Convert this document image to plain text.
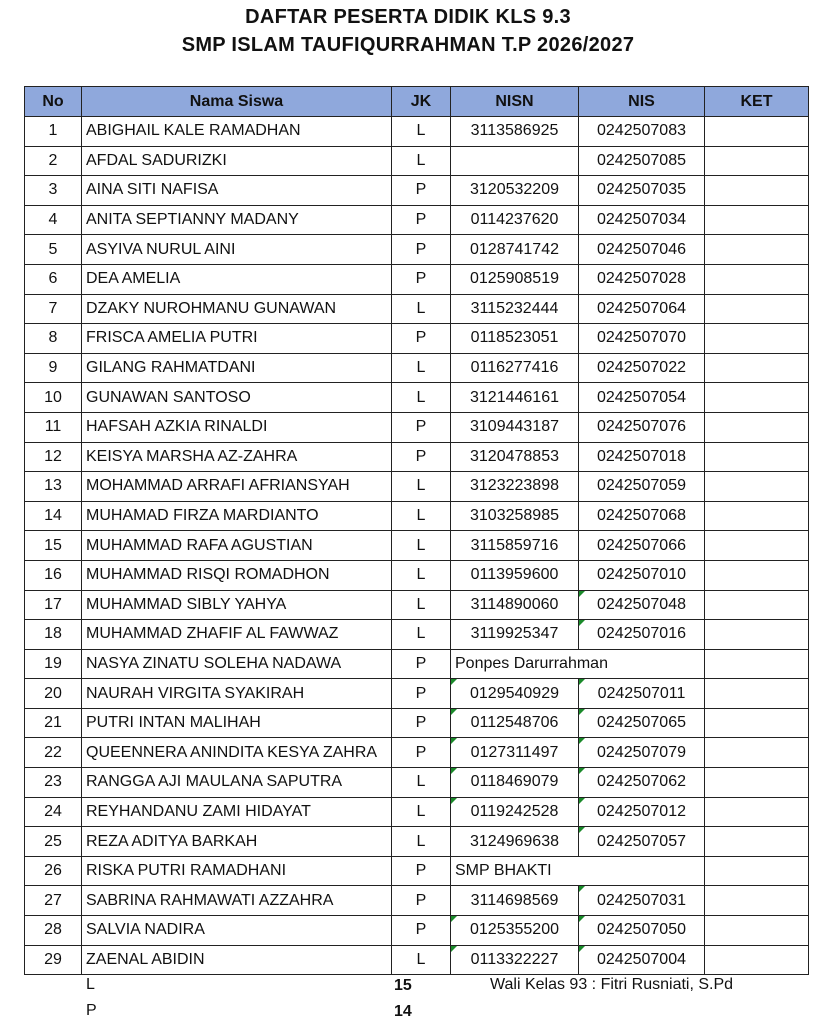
DAFTAR PESERTA DIDIK KLS 9.3
SMP ISLAM TAUFIQURRAHMAN T.P 2026/2027
No	Nama Siswa	JK	NISN	NIS	KET
1	ABIGHAIL KALE RAMADHAN	L	3113586925	0242507083	
2	AFDAL SADURIZKI	L		0242507085	
3	AINA SITI NAFISA	P	3120532209	0242507035	
4	ANITA SEPTIANNY MADANY	P	0114237620	0242507034	
5	ASYIVA NURUL AINI	P	0128741742	0242507046	
6	DEA AMELIA	P	0125908519	0242507028	
7	DZAKY NUROHMANU GUNAWAN	L	3115232444	0242507064	
8	FRISCA AMELIA PUTRI	P	0118523051	0242507070	
9	GILANG RAHMATDANI	L	0116277416	0242507022	
10	GUNAWAN SANTOSO	L	3121446161	0242507054	
11	HAFSAH AZKIA RINALDI	P	3109443187	0242507076	
12	KEISYA MARSHA AZ-ZAHRA	P	3120478853	0242507018	
13	MOHAMMAD ARRAFI AFRIANSYAH	L	3123223898	0242507059	
14	MUHAMAD FIRZA MARDIANTO	L	3103258985	0242507068	
15	MUHAMMAD RAFA AGUSTIAN	L	3115859716	0242507066	
16	MUHAMMAD RISQI ROMADHON	L	0113959600	0242507010	
17	MUHAMMAD SIBLY YAHYA	L	3114890060	0242507048	
18	MUHAMMAD ZHAFIF AL FAWWAZ	L	3119925347	0242507016	
19	NASYA ZINATU SOLEHA NADAWA	P	Ponpes Darurrahman		
20	NAURAH VIRGITA SYAKIRAH	P	0129540929	0242507011	
21	PUTRI INTAN MALIHAH	P	0112548706	0242507065	
22	QUEENNERA ANINDITA KESYA ZAHRA	P	0127311497	0242507079	
23	RANGGA AJI MAULANA SAPUTRA	L	0118469079	0242507062	
24	REYHANDANU ZAMI HIDAYAT	L	0119242528	0242507012	
25	REZA ADITYA BARKAH	L	3124969638	0242507057	
26	RISKA PUTRI RAMADHANI	P	SMP BHAKTI		
27	SABRINA RAHMAWATI AZZAHRA	P	3114698569	0242507031	
28	SALVIA NADIRA	P	0125355200	0242507050	
29	ZAENAL ABIDIN	L	0113322227	0242507004	
L	15
P	14
Wali Kelas 93 : Fitri Rusniati, S.Pd
